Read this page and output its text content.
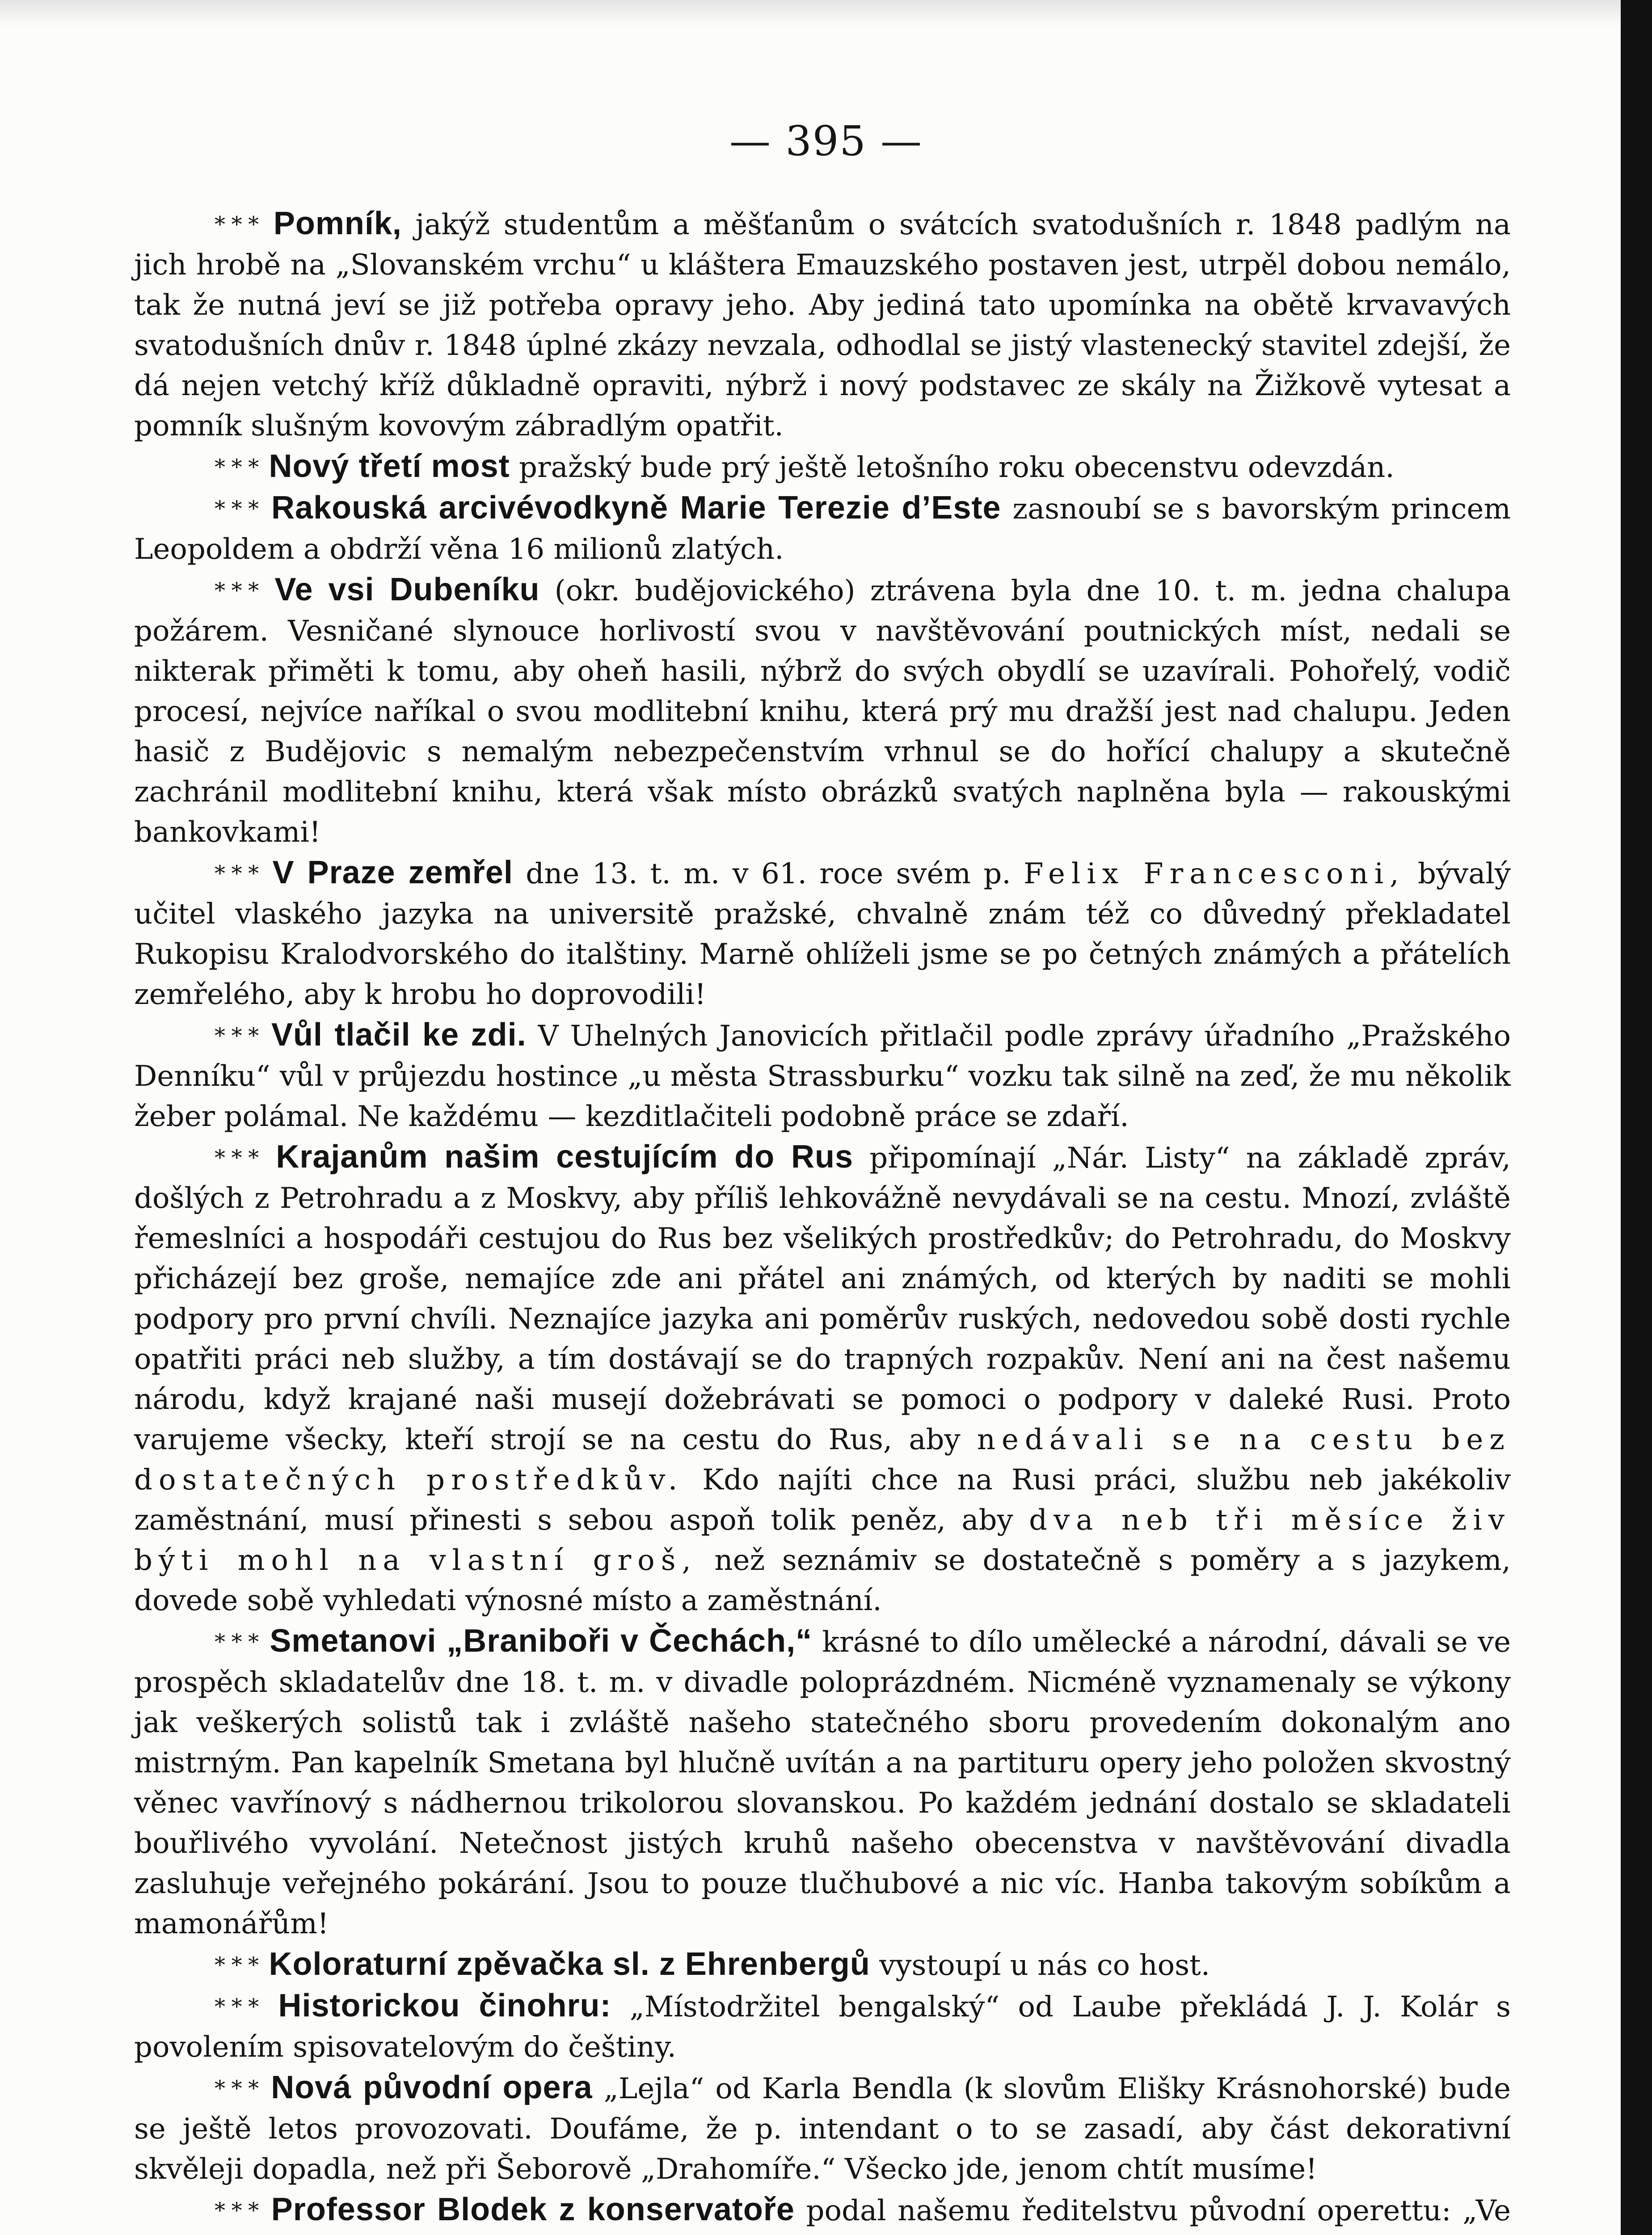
— 395 —

* * * Pomník, jakýž studentům a měšťanům o svátcích svatodušních r. 1848 padlým na jich hrobě na „Slovanském vrchu“ u kláštera Emauzského postaven jest, utrpěl dobou nemálo, tak že nutná jeví se již potřeba opravy jeho. Aby jediná tato upomínka na obětě krvavavých svatodušních dnův r. 1848 úplné zkázy nevzala, odhodlal se jistý vlastenecký stavitel zdejší, že dá nejen vetchý kříž důkladně opraviti, nýbrž i nový podstavec ze skály na Žižkově vytesat a pomník slušným kovovým zábradlým opatřit.

* * * Nový třetí most pražský bude prý ještě letošního roku obecenstvu odevzdán.

* * * Rakouská arcivévodkyně Marie Terezie d’Este zasnoubí se s bavorským princem Leopoldem a obdrží věna 16 milionů zlatých.

* * * Ve vsi Dubeníku (okr. budějovického) ztrávena byla dne 10. t. m. jedna chalupa požárem. Vesničané slynouce horlivostí svou v navštěvování poutnických míst, nedali se nikterak přiměti k tomu, aby oheň hasili, nýbrž do svých obydlí se uzavírali. Pohořelý, vodič procesí, nejvíce naříkal o svou modlitební knihu, která prý mu dražší jest nad chalupu. Jeden hasič z Budějovic s nemalým nebezpečenstvím vrhnul se do hořící chalupy a skutečně zachránil modlitební knihu, která však místo obrázků svatých naplněna byla — rakouskými bankovkami!

* * * V Praze zemřel dne 13. t. m. v 61. roce svém p. Felix Francesconi, bývalý učitel vlaského jazyka na universitě pražské, chvalně znám též co důvedný překladatel Rukopisu Kralodvorského do italštiny. Marně ohlíželi jsme se po četných známých a přátelích zemřelého, aby k hrobu ho doprovodili!

* * * Vůl tlačil ke zdi. V Uhelných Janovicích přitlačil podle zprávy úřadního „Pražského Denníku“ vůl v průjezdu hostince „u města Strassburku“ vozku tak silně na zeď, že mu několik žeber polámal. Ne každému — kezditlačiteli podobně práce se zdaří.

* * * Krajanům našim cestujícím do Rus připomínají „Nár. Listy“ na základě zpráv, došlých z Petrohradu a z Moskvy, aby příliš lehkovážně nevydávali se na cestu. Mnozí, zvláště řemeslníci a hospodáři cestujou do Rus bez všelikých prostředkův; do Petrohradu, do Moskvy přicházejí bez groše, nemajíce zde ani přátel ani známých, od kterých by naditi se mohli podpory pro první chvíli. Neznajíce jazyka ani poměrův ruských, nedovedou sobě dosti rychle opatřiti práci neb služby, a tím dostávají se do trapných rozpakův. Není ani na čest našemu národu, když krajané naši musejí dožebrávati se pomoci o podpory v daleké Rusi. Proto varujeme všecky, kteří strojí se na cestu do Rus, aby nedávali se na cestu bez dostatečných prostředkův. Kdo najíti chce na Rusi práci, službu neb jakékoliv zaměstnání, musí přinesti s sebou aspoň tolik peněz, aby dva neb tři měsíce živ býti mohl na vlastní groš, než seznámiv se dostatečně s poměry a s jazykem, dovede sobě vyhledati výnosné místo a zaměstnání.

* * * Smetanovi „Braniboři v Čechách,“ krásné to dílo umělecké a národní, dávali se ve prospěch skladatelův dne 18. t. m. v divadle poloprázdném. Nicméně vyznamenaly se výkony jak veškerých solistů tak i zvláště našeho statečného sboru provedením dokonalým ano mistrným. Pan kapelník Smetana byl hlučně uvítán a na partituru opery jeho položen skvostný věnec vavřínový s nádhernou trikolorou slovanskou. Po každém jednání dostalo se skladateli bouřlivého vyvolání. Netečnost jistých kruhů našeho obecenstva v navštěvování divadla zasluhuje veřejného pokárání. Jsou to pouze tlučhubové a nic víc. Hanba takovým sobíkům a mamonářům!

* * * Koloraturní zpěvačka sl. z Ehrenbergů vystoupí u nás co host.

* * * Historickou činohru: „Místodržitel bengalský“ od Laube překládá J. J. Kolár s povolením spisovatelovým do češtiny.

* * * Nová původní opera „Lejla“ od Karla Bendla (k slovům Elišky Krásnohorské) bude se ještě letos provozovati. Doufáme, že p. intendant o to se zasadí, aby část dekorativní skvěleji dopadla, než při Šeborově „Drahomíře.“ Všecko jde, jenom chtít musíme!

* * * Professor Blodek z konservatoře podal našemu ředitelstvu původní operettu: „Ve
